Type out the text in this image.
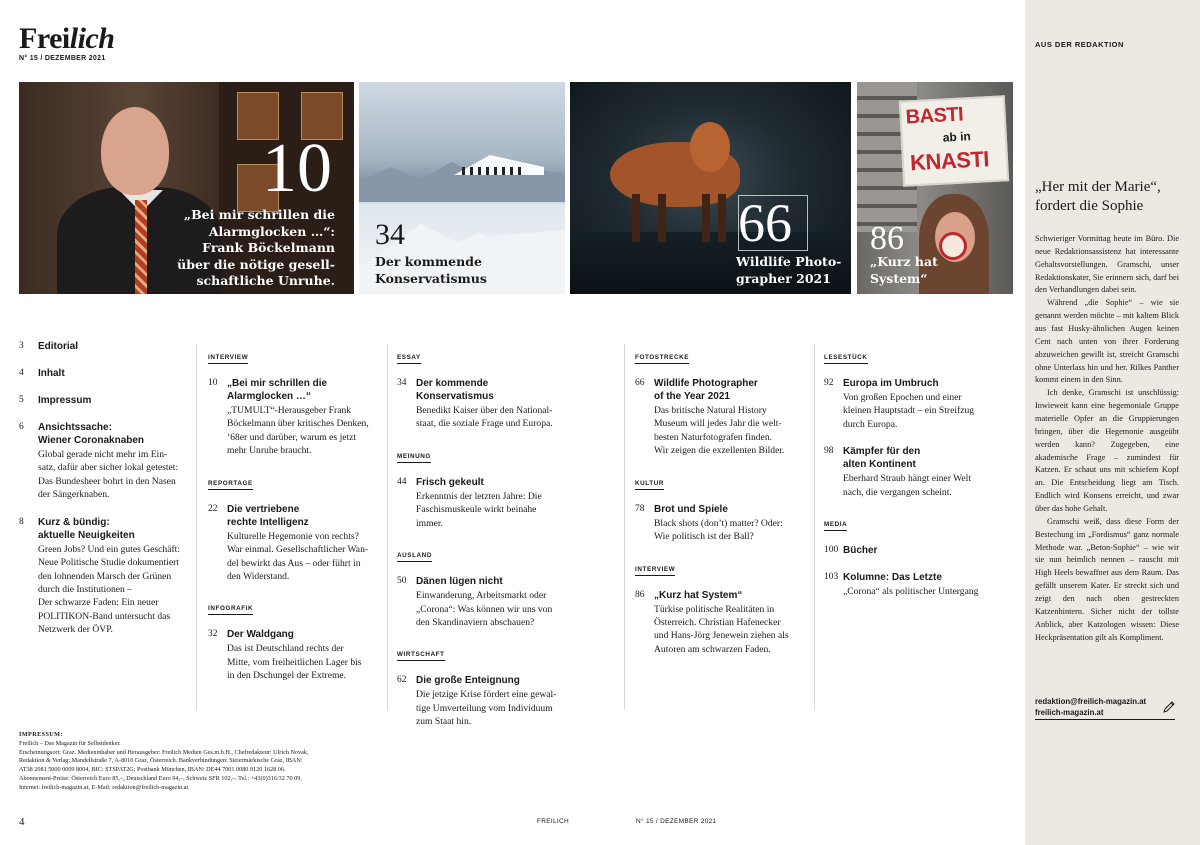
Freilich
N° 15 / DEZEMBER 2021
10
„Bei mir schrillen die
Alarmglocken …“:
Frank Böckelmann
über die nötige gesell-
schaftliche Unruhe.
34
Der kommende
Konservatismus
66
Wildlife Photo-
grapher 2021
BASTI
ab in
KNASTI
86
„Kurz hat
System“
3	Editorial
4	Inhalt
5	Impressum
6	Ansichtssache:
Wiener Coronaknaben
Global gerade nicht mehr im Ein-
satz, dafür aber sicher lokal getestet:
Das Bundesheer bohrt in den Nasen
der Sängerknaben.
8	Kurz & bündig:
aktuelle Neuigkeiten
Green Jobs? Und ein gutes Geschäft:
Neue Politische Studie dokumentiert
den lohnenden Marsch der Grünen
durch die Institutionen –
Der schwarze Faden: Ein neuer
POLITIKON-Band untersucht das
Netzwerk der ÖVP.
INTERVIEW
10 „Bei mir schrillen die
Alarmglocken …“
„TUMULT“-Herausgeber Frank
Böckelmann über kritisches Denken,
’68er und darüber, warum es jetzt
mehr Unruhe braucht.
REPORTAGE
22 Die vertriebene
rechte Intelligenz
Kulturelle Hegemonie von rechts?
War einmal. Gesellschaftlicher Wan-
del bewirkt das Aus – oder führt in
den Widerstand.
INFOGRAFIK
32 Der Waldgang
Das ist Deutschland rechts der
Mitte, vom freiheitlichen Lager bis
in den Dschungel der Extreme.
ESSAY
34 Der kommende
Konservatismus
Benedikt Kaiser über den National-
staat, die soziale Frage und Europa.
MEINUNG
44 Frisch gekeult
Erkenntnis der letzten Jahre: Die
Faschismuskeule wirkt beinahe
immer.
AUSLAND
50 Dänen lügen nicht
Einwanderung, Arbeitsmarkt oder
„Corona“: Was können wir uns von
den Skandinaviern abschauen?
WIRTSCHAFT
62 Die große Enteignung
Die jetzige Krise fördert eine gewal-
tige Umverteilung vom Individuum
zum Staat hin.
FOTOSTRECKE
66 Wildlife Photographer
of the Year 2021
Das britische Natural History
Museum will jedes Jahr die welt-
besten Naturfotografen finden.
Wir zeigen die exzellenten Bilder.
KULTUR
78 Brot und Spiele
Black shots (don’t) matter? Oder:
Wie politisch ist der Ball?
INTERVIEW
86 „Kurz hat System“
Türkise politische Realitäten in
Österreich. Christian Hafenecker
und Hans-Jörg Jenewein ziehen als
Autoren am schwarzen Faden.
LESESTÜCK
92 Europa im Umbruch
Von großen Epochen und einer
kleinen Hauptstadt – ein Streifzug
durch Europa.
98 Kämpfer für den
alten Kontinent
Eberhard Straub hängt einer Welt
nach, die vergangen scheint.
MEDIA
100 Bücher
103 Kolumne: Das Letzte
„Corona“ als politischer Untergang
IMPRESSUM:
Freilich – Das Magazin für Selbstdenker.
Erscheinungsort: Graz. Medieninhaber und Herausgeber: Freilich Medien Ges.m.b.H., Chefredakteur: Ulrich Novak,
Redaktion & Verlag: Mandellstraße 7, A-8010 Graz, Österreich. Bankverbindungen: Steiermärkische Graz, IBAN:
AT38 2081 5000 0009 8004, BIC: STSPAT2G; Postbank München, IBAN: DE44 7001 0080 0120 1628 06.
Abonnement-Preise: Österreich Euro 85,–, Deutschland Euro 94,–, Schweiz SFR 102,–. Tel.: +43(0)316/32 70 09,
Internet: freilich-magazin.at, E-Mail: redaktion@freilich-magazin.at
4	FREILICH	N° 15 / DEZEMBER 2021
AUS DER REDAKTION
„Her mit der Marie“,
fordert die Sophie

Schwieriger Vormittag heute im Büro. Die neue Redaktionsassistenz hat interessante Gehaltsvorstellungen. Gramschi, unser Redaktionskater, Sie erinnern sich, darf bei den Verhandlungen dabei sein.

Während „die Sophie“ – wie sie genannt werden möchte – mit kaltem Blick aus fast Husky-ähnlichen Augen keinen Cent nach unten von ihrer Forderung abzuweichen gewillt ist, streicht Gramschi ohne Unterlass hin und her. Rilkes Panther kommt einem in den Sinn.

Ich denke, Gramschi ist unschlüssig: Inwieweit kann eine hegemoniale Gruppe materielle Opfer an die Gruppierungen bringen, über die Hegemonie ausgeübt werden kann? Zugegeben, eine akademische Frage – zumindest für Katzen. Er schaut uns mit schiefem Kopf an. Die Entscheidung liegt am Tisch. Endlich wird Konsens erreicht, und zwar über das hohe Gehalt.

Gramschi weiß, dass diese Form der Bestechung im „Fordismus“ ganz normale Methode war. „Beton-Sophie“ – wie wir sie nun heimlich nennen – rauscht mit High Heels bewaffnet aus dem Raum. Das gefällt unserem Kater. Er streckt sich und zeigt den nach oben gestreckten Katzenhintern. Sicher nicht der tollste Anblick, aber Katzologen wissen: Diese Heckpräsentation gilt als Kompliment.

redaktion@freilich-magazin.at
freilich-magazin.at
